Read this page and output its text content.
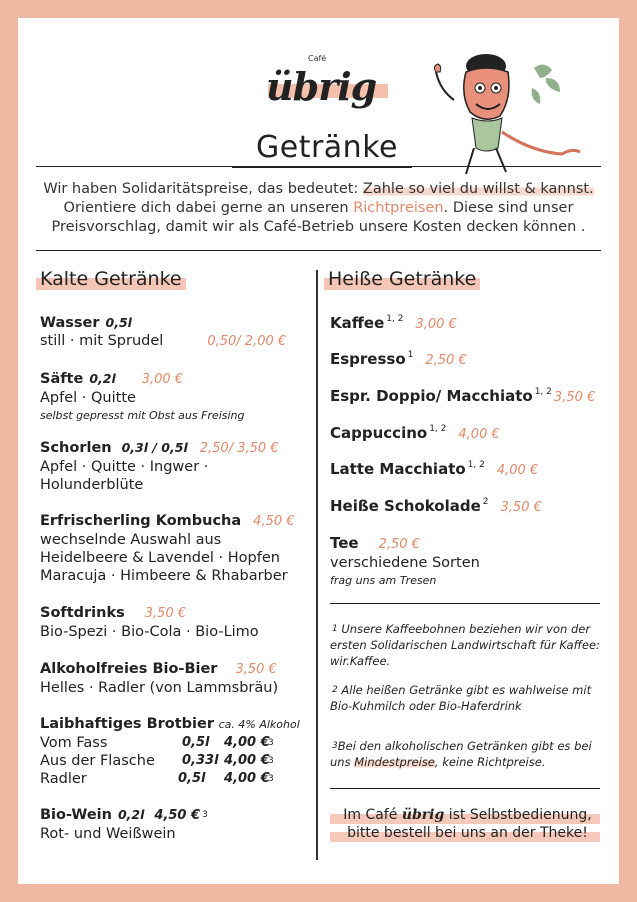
übrig
Café
Getränke
Wir haben Solidaritätspreise, das bedeutet: Zahle so viel du willst & kannst.
Orientiere dich dabei gerne an unseren Richtpreisen. Diese sind unser
Preisvorschlag, damit wir als Café-Betrieb unsere Kosten decken können .
Kalte Getränke
Wasser 0,5l
still · mit Sprudel	0,50/ 2,00 €
Säfte 0,2l 3,00 €
Apfel · Quitte
selbst gepresst mit Obst aus Freising
Schorlen 0,3l / 0,5l 2,50/ 3,50 €
Apfel · Quitte · Ingwer ·
Holunderblüte
Erfrischerling Kombucha 4,50 €
wechselnde Auswahl aus
Heidelbeere & Lavendel · Hopfen
Maracuja · Himbeere & Rhabarber
Softdrinks 3,50 €
Bio-Spezi · Bio-Cola · Bio-Limo
Alkoholfreies Bio-Bier 3,50 €
Helles · Radler (von Lammsbräu)
Laibhaftiges Brotbier ca. 4% Alkohol
Vom Fass	0,5l 4,00 €
3
Aus der Flasche 0,33l 4,00 €
3
Radler	0,5l 4,00 €
3
Bio-Wein 0,2l 4,50 € $^3$
Rot- und Weißwein
Heiße Getränke
Kaffee $^{1, 2}$ 3,00 €
Espresso $^1$ 2,50 €
Espr. Doppio/ Macchiato $^{1, 2}$ 3,50 €
Cappuccino $^{1, 2}$ 4,00 €
Latte Macchiato $^{1, 2}$ 4,00 €
Heiße Schokolade $^2$ 3,50 €
Tee 2,50 €
verschiedene Sorten
frag uns am Tresen
$^1$ Unsere Kaffeebohnen beziehen wir von der ersten Solidarischen Landwirtschaft für Kaffee: wir.Kaffee.
$^2$ Alle heißen Getränke gibt es wahlweise mit Bio-Kuhmilch oder Bio-Haferdrink
$^3$Bei den alkoholischen Getränken gibt es bei uns Mindestpreise, keine Richtpreise.
Im Café übrig ist Selbstbedienung,
bitte bestell bei uns an der Theke!
